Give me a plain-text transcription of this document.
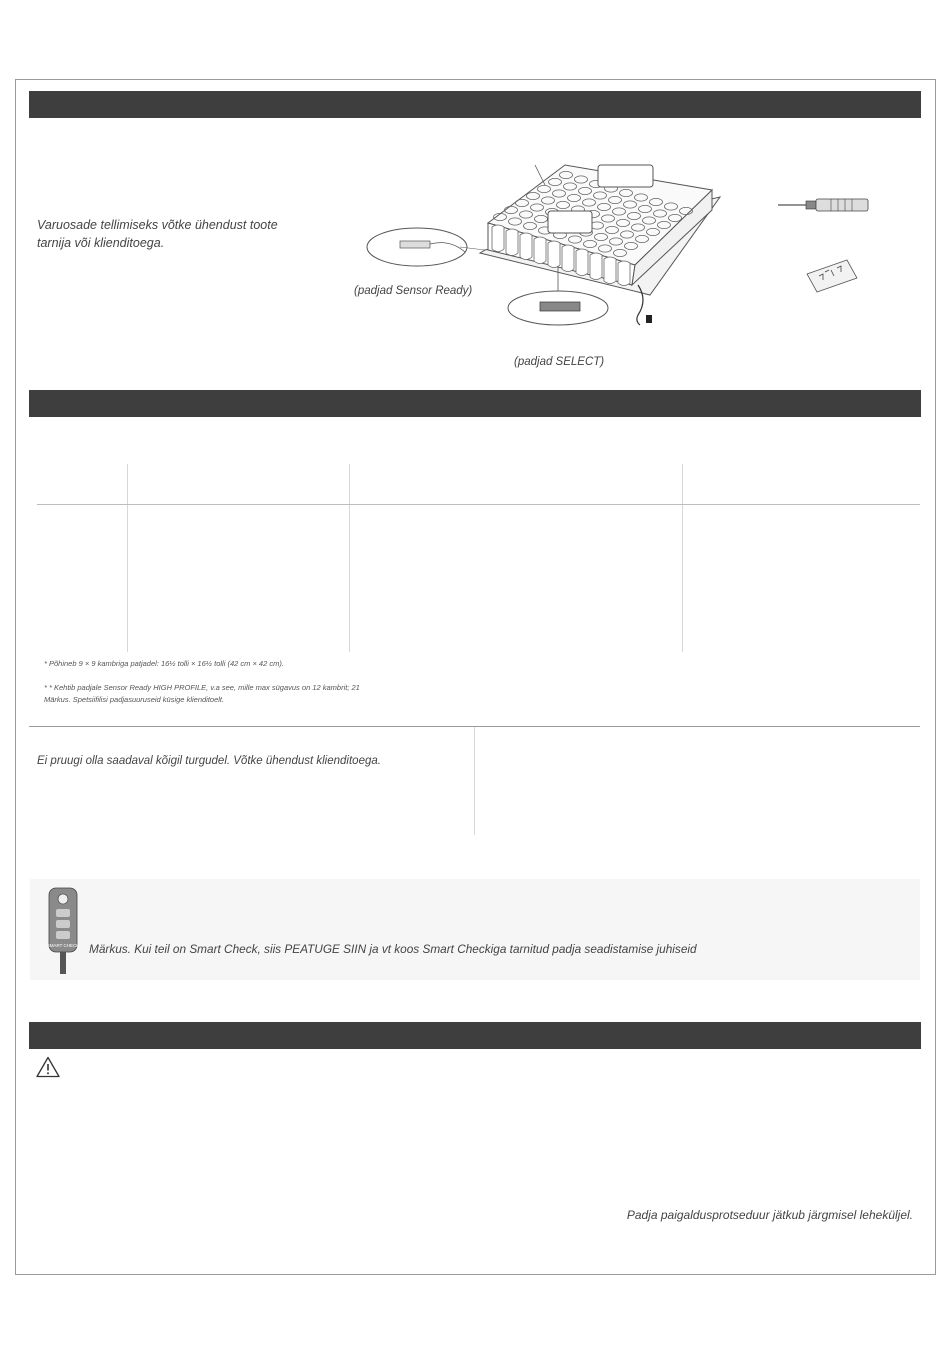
Varuosade tellimiseks võtke ühendust toote tarnija või klienditoega.
(padjad Sensor Ready)
(padjad SELECT)
* Põhineb 9 × 9 kambriga patjadel: 16½ tolli × 16½ tolli (42 cm × 42 cm).
* * Kehtib padjale Sensor Ready HIGH PROFILE, v.a see, mille max sügavus on 12 kambrit; 21
Märkus. Spetsiifilisi padjasuuruseid küsige klienditoelt.
Ei pruugi olla saadaval kõigil turgudel. Võtke ühendust klienditoega.
SMART CHECK Märkus. Kui teil on Smart Check, siis PEATUGE SIIN ja vt koos Smart Checkiga tarnitud padja seadistamise juhiseid
Padja paigaldusprotseduur jätkub järgmisel leheküljel.
